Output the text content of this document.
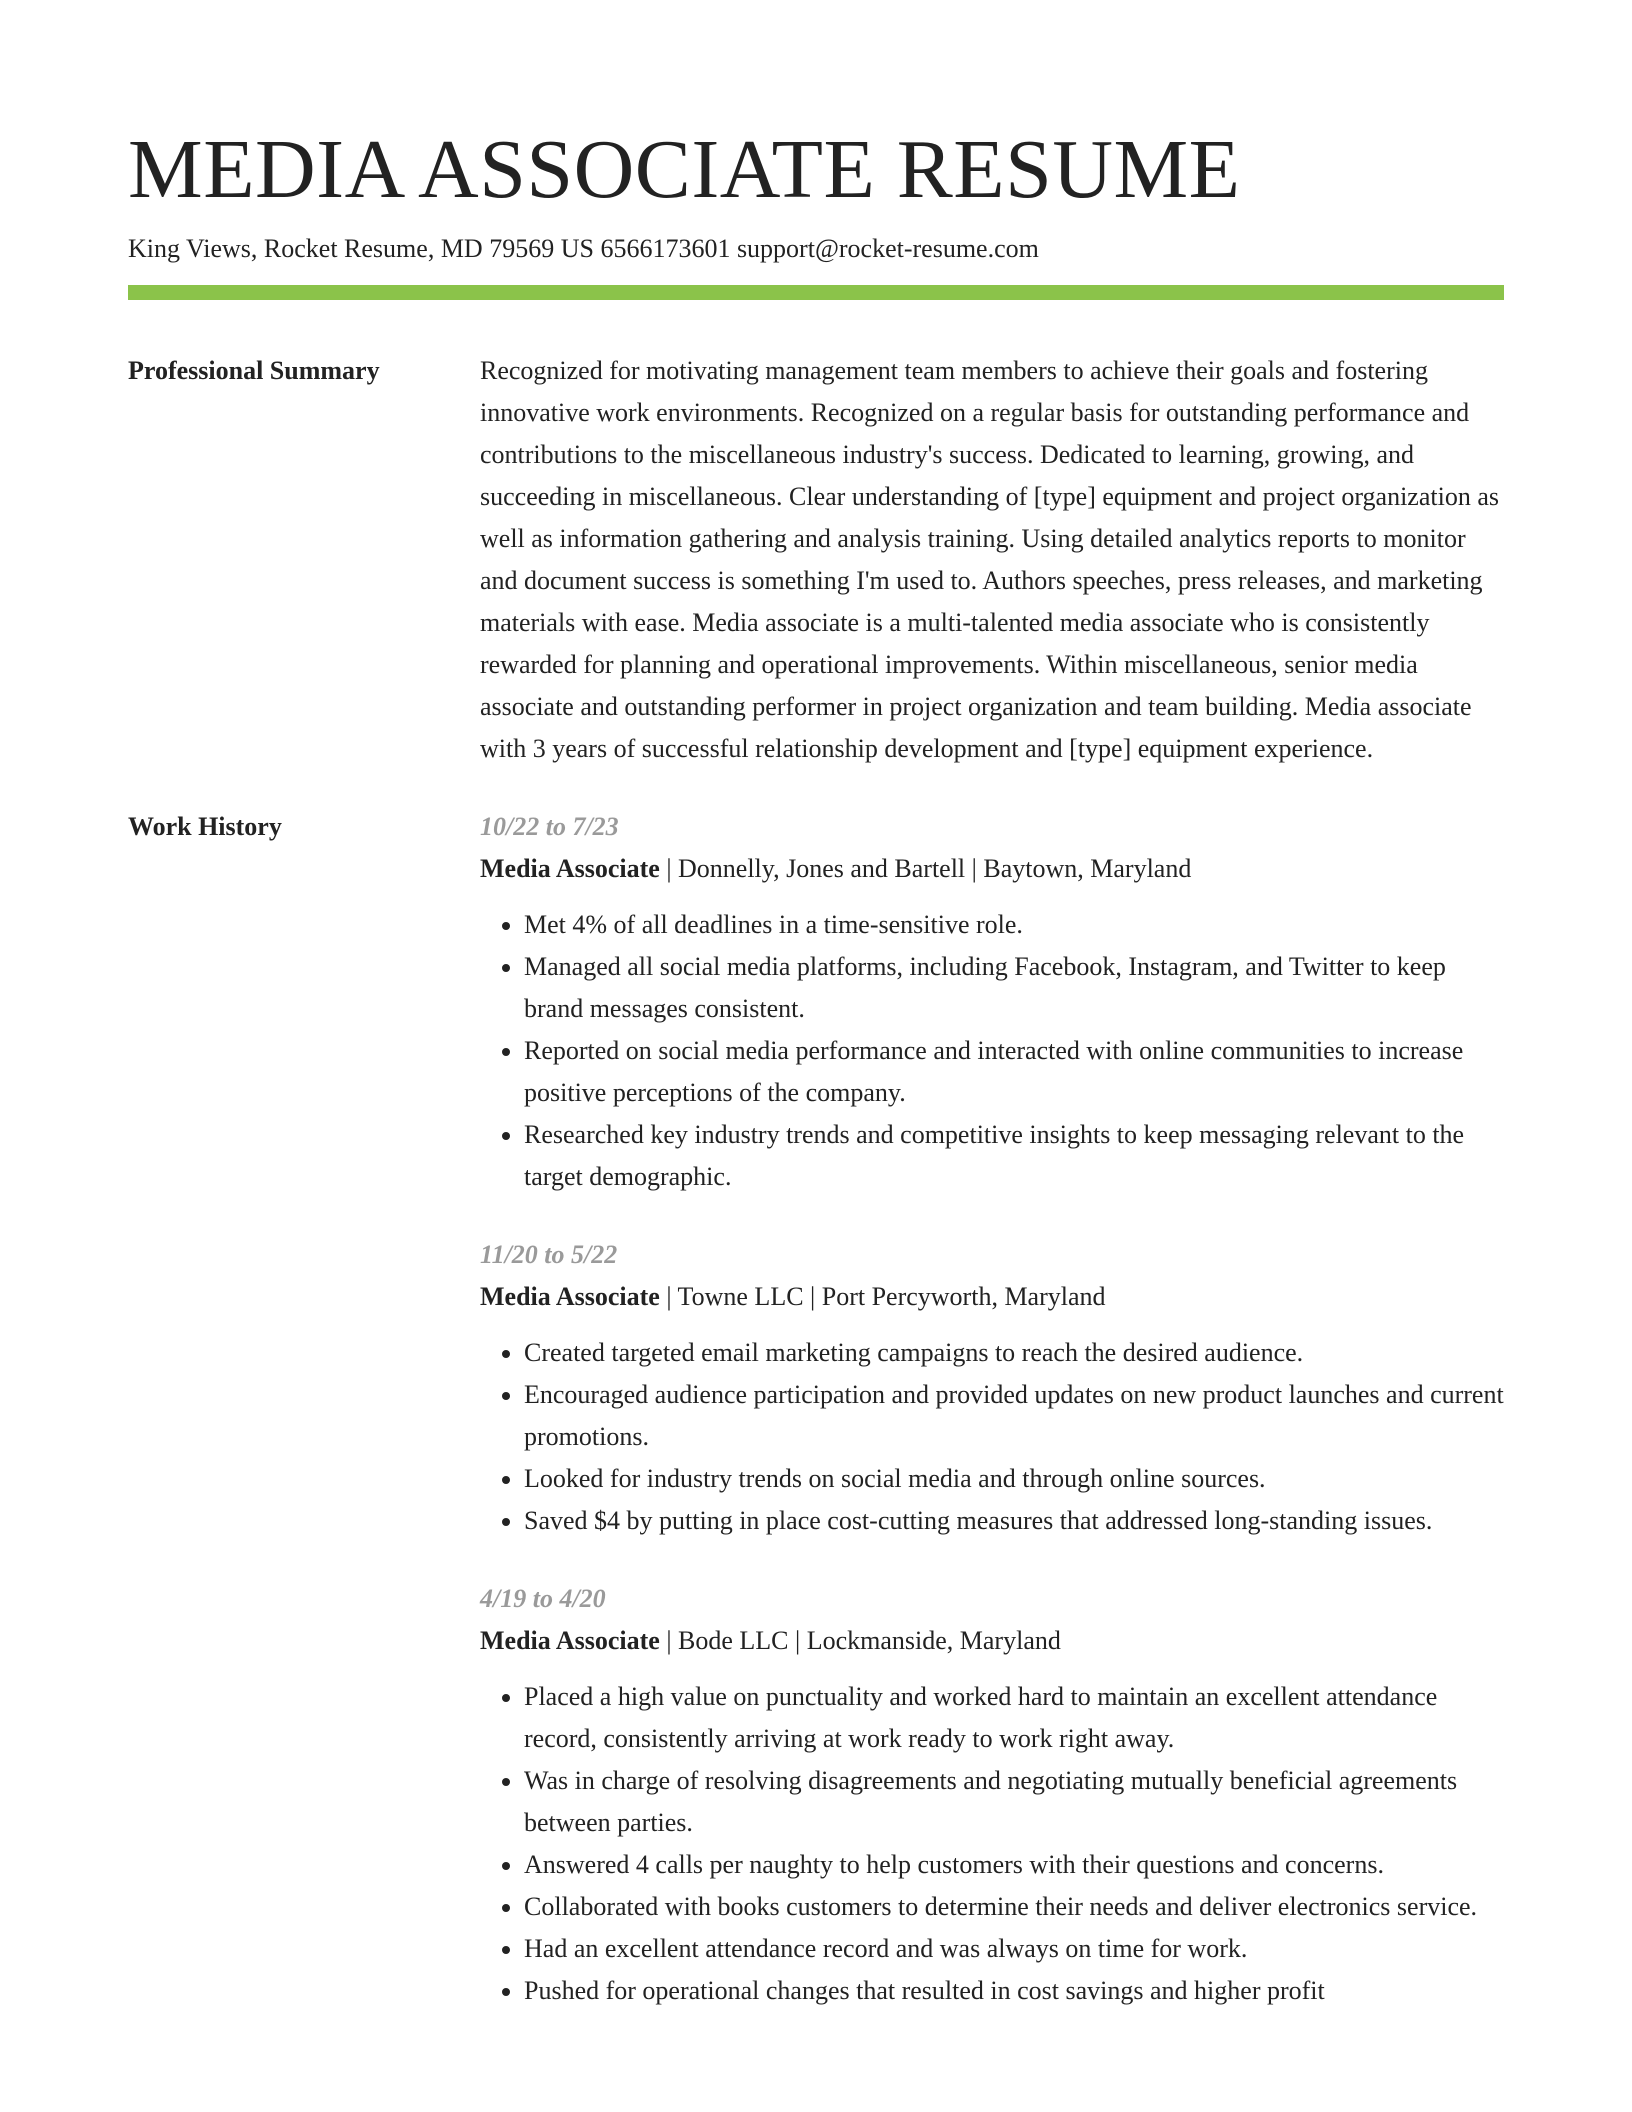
MEDIA ASSOCIATE RESUME
King Views, Rocket Resume, MD 79569 US 6566173601 support@rocket-resume.com
Professional Summary	Recognized for motivating management team members to achieve their goals and fostering innovative work environments. Recognized on a regular basis for outstanding performance and contributions to the miscellaneous industry's success. Dedicated to learning, growing, and succeeding in miscellaneous. Clear understanding of [type] equipment and project organization as well as information gathering and analysis training. Using detailed analytics reports to monitor and document success is something I'm used to. Authors speeches, press releases, and marketing materials with ease. Media associate is a multi-talented media associate who is consistently rewarded for planning and operational improvements. Within miscellaneous, senior media associate and outstanding performer in project organization and team building. Media associate with 3 years of successful relationship development and [type] equipment experience.

Work History	10/22 to 7/23
Media Associate | Donnelly, Jones and Bartell | Baytown, Maryland
• Met 4% of all deadlines in a time-sensitive role.
• Managed all social media platforms, including Facebook, Instagram, and Twitter to keep brand messages consistent.
• Reported on social media performance and interacted with online communities to increase positive perceptions of the company.
• Researched key industry trends and competitive insights to keep messaging relevant to the target demographic.
11/20 to 5/22
Media Associate | Towne LLC | Port Percyworth, Maryland
• Created targeted email marketing campaigns to reach the desired audience.
• Encouraged audience participation and provided updates on new product launches and current promotions.
• Looked for industry trends on social media and through online sources.
• Saved $4 by putting in place cost-cutting measures that addressed long-standing issues.
4/19 to 4/20
Media Associate | Bode LLC | Lockmanside, Maryland
• Placed a high value on punctuality and worked hard to maintain an excellent attendance record, consistently arriving at work ready to work right away.
• Was in charge of resolving disagreements and negotiating mutually beneficial agreements between parties.
• Answered 4 calls per naughty to help customers with their questions and concerns.
• Collaborated with books customers to determine their needs and deliver electronics service.
• Had an excellent attendance record and was always on time for work.
• Pushed for operational changes that resulted in cost savings and higher profit
